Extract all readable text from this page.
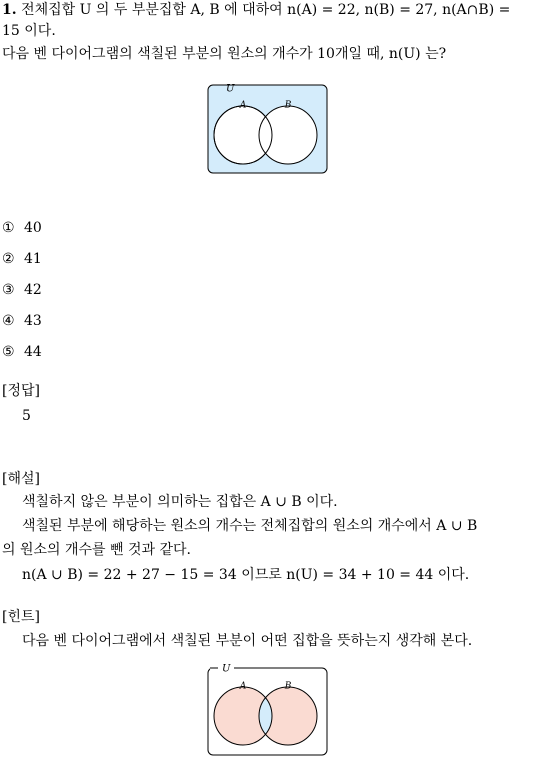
1. 전체집합 U 의 두 부분집합 A, B 에 대하여 n(A) = 22, n(B) = 27, n(A∩B) =
15 이다.
다음 벤 다이어그램의 색칠된 부분의 원소의 개수가 10개일 때, n(U) 는?
U
A	B
① 40
② 41
③ 42
④ 43
⑤ 44
[정답]
5
[해설]
색칠하지 않은 부분이 의미하는 집합은 A ∪ B 이다.
색칠된 부분에 해당하는 원소의 개수는 전체집합의 원소의 개수에서 A ∪ B
의 원소의 개수를 뺀 것과 같다.
n(A ∪ B) = 22 + 27 − 15 = 34 이므로 n(U) = 34 + 10 = 44 이다.
[힌트]
다음 벤 다이어그램에서 색칠된 부분이 어떤 집합을 뜻하는지 생각해 본다.
U
A	B
